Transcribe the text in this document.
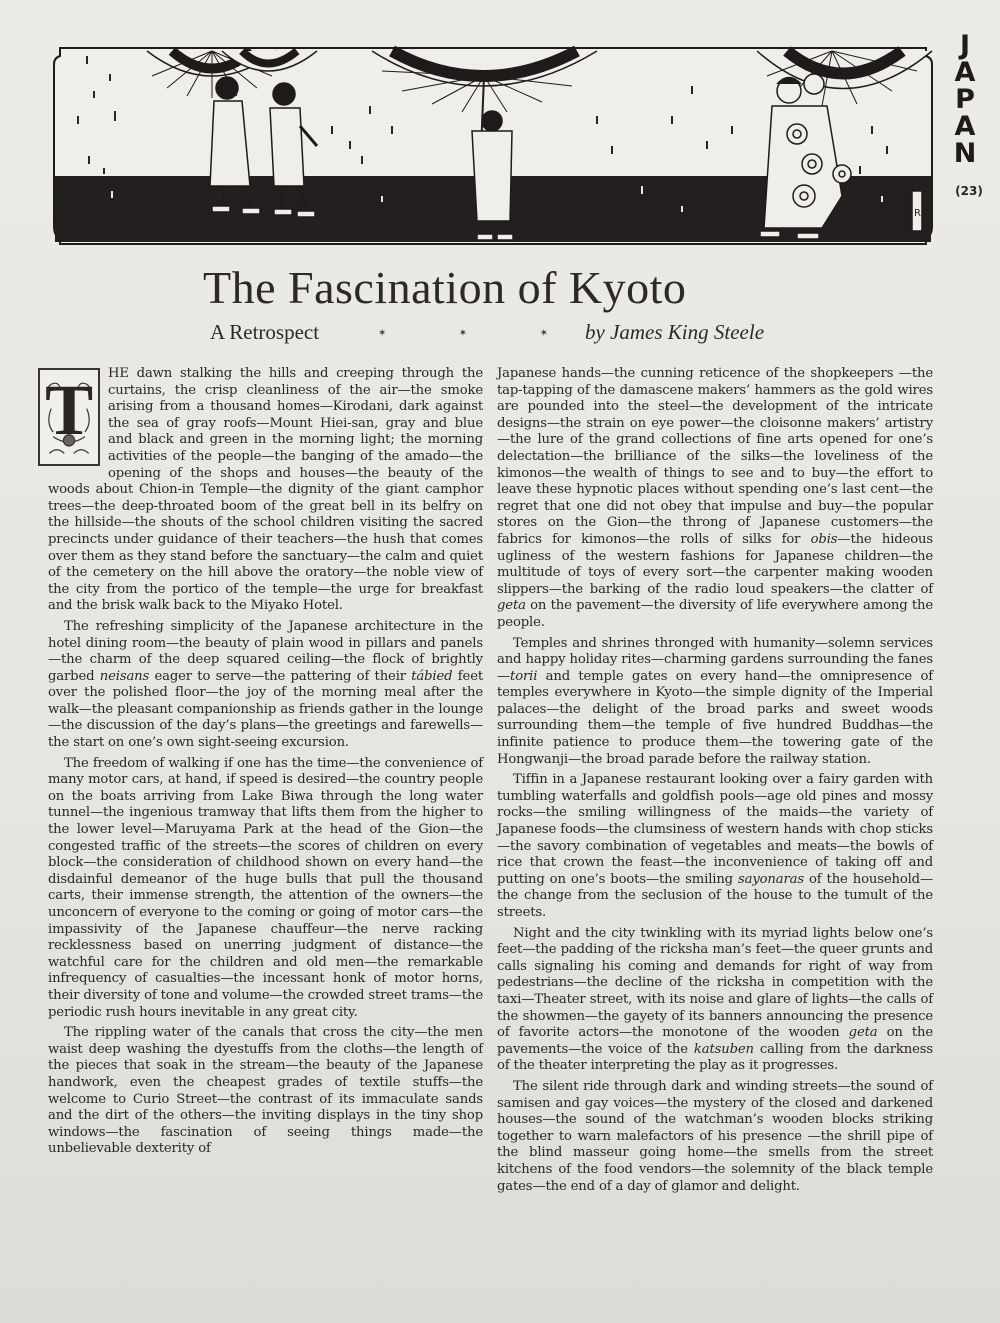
R
J
A
P
A
N
(23)
The Fascination of Kyoto
A Retrospect	✶	✶	✶ by James King Steele
T	HE dawn stalking the hills and creeping through the curtains, the crisp cleanliness of the air—the smoke arising from a thousand homes—Kirodani, dark against the sea of gray roofs—Mount Hiei-san, gray and blue and black and green in the morning light; the morning activities of the people—the banging of the amado—the opening of the shops and houses—the beauty of the woods about Chion-in Temple—the dignity of the giant camphor trees—the deep-throated boom of the great bell in its belfry on the hillside—the shouts of the school children visiting the sacred precincts under guidance of their teachers—the hush that comes over them as they stand before the sanctuary—the calm and quiet of the cemetery on the hill above the oratory—the noble view of the city from the portico of the temple—the urge for breakfast and the brisk walk back to the Miyako Hotel.

The refreshing simplicity of the Japanese architecture in the hotel dining room—the beauty of plain wood in pillars and panels—the charm of the deep squared ceiling—the flock of brightly garbed neisans eager to serve—the pattering of their tábied feet over the polished floor—the joy of the morning meal after the walk—the pleasant companionship as friends gather in the lounge—the discussion of the day’s plans—the greetings and farewells—the start on one’s own sight-seeing excursion.

The freedom of walking if one has the time—the convenience of many motor cars, at hand, if speed is desired—the country people on the boats arriving from Lake Biwa through the long water tunnel—the ingenious tramway that lifts them from the higher to the lower level—Maruyama Park at the head of the Gion—the congested traffic of the streets—the scores of children on every block—the consideration of childhood shown on every hand—the disdainful demeanor of the huge bulls that pull the thousand carts, their immense strength, the attention of the owners—the unconcern of everyone to the coming or going of motor cars—the impassivity of the Japanese chauffeur—the nerve racking recklessness based on unerring judgment of distance—the watchful care for the children and old men—the remarkable infrequency of casualties—the incessant honk of motor horns, their diversity of tone and volume—the crowded street trams—the periodic rush hours inevitable in any great city.

The rippling water of the canals that cross the city—the men waist deep washing the dyestuffs from the cloths—the length of the pieces that soak in the stream—the beauty of the Japanese handwork, even the cheapest grades of textile stuffs—the welcome to Curio Street—the contrast of its immaculate sands and the dirt of the others—the inviting displays in the tiny shop windows—the fascination of seeing things made—the unbelievable dexterity of

Japanese hands—the cunning reticence of the shopkeepers —the tap-tapping of the damascene makers’ hammers as the gold wires are pounded into the steel—the development of the intricate designs—the strain on eye power—the cloisonne makers’ artistry—the lure of the grand collections of fine arts opened for one’s delectation—the brilliance of the silks—the loveliness of the kimonos—the wealth of things to see and to buy—the effort to leave these hypnotic places without spending one’s last cent—the regret that one did not obey that impulse and buy—the popular stores on the Gion—the throng of Japanese customers—the fabrics for kimonos—the rolls of silks for obis—the hideous ugliness of the western fashions for Japanese children—the multitude of toys of every sort—the carpenter making wooden slippers—the barking of the radio loud speakers—the clatter of geta on the pavement—the diversity of life everywhere among the people.

Temples and shrines thronged with humanity—solemn services and happy holiday rites—charming gardens surrounding the fanes—torii and temple gates on every hand—the omnipresence of temples everywhere in Kyoto—the simple dignity of the Imperial palaces—the delight of the broad parks and sweet woods surrounding them—the temple of five hundred Buddhas—the infinite patience to produce them—the towering gate of the Hongwanji—the broad parade before the railway station.

Tiffin in a Japanese restaurant looking over a fairy garden with tumbling waterfalls and goldfish pools—age old pines and mossy rocks—the smiling willingness of the maids—the variety of Japanese foods—the clumsiness of western hands with chop sticks—the savory combination of vegetables and meats—the bowls of rice that crown the feast—the inconvenience of taking off and putting on one’s boots—the smiling sayonaras of the household—the change from the seclusion of the house to the tumult of the streets.

Night and the city twinkling with its myriad lights below one’s feet—the padding of the ricksha man’s feet—the queer grunts and calls signaling his coming and demands for right of way from pedestrians—the decline of the ricksha in competition with the taxi—Theater street, with its noise and glare of lights—the calls of the showmen—the gayety of its banners announcing the presence of favorite actors—the monotone of the wooden geta on the pavements—the voice of the katsuben calling from the darkness of the theater interpreting the play as it progresses.

The silent ride through dark and winding streets—the sound of samisen and gay voices—the mystery of the closed and darkened houses—the sound of the watchman’s wooden blocks striking together to warn malefactors of his presence —the shrill pipe of the blind masseur going home—the smells from the street kitchens of the food vendors—the solemnity of the black temple gates—the end of a day of glamor and delight.
